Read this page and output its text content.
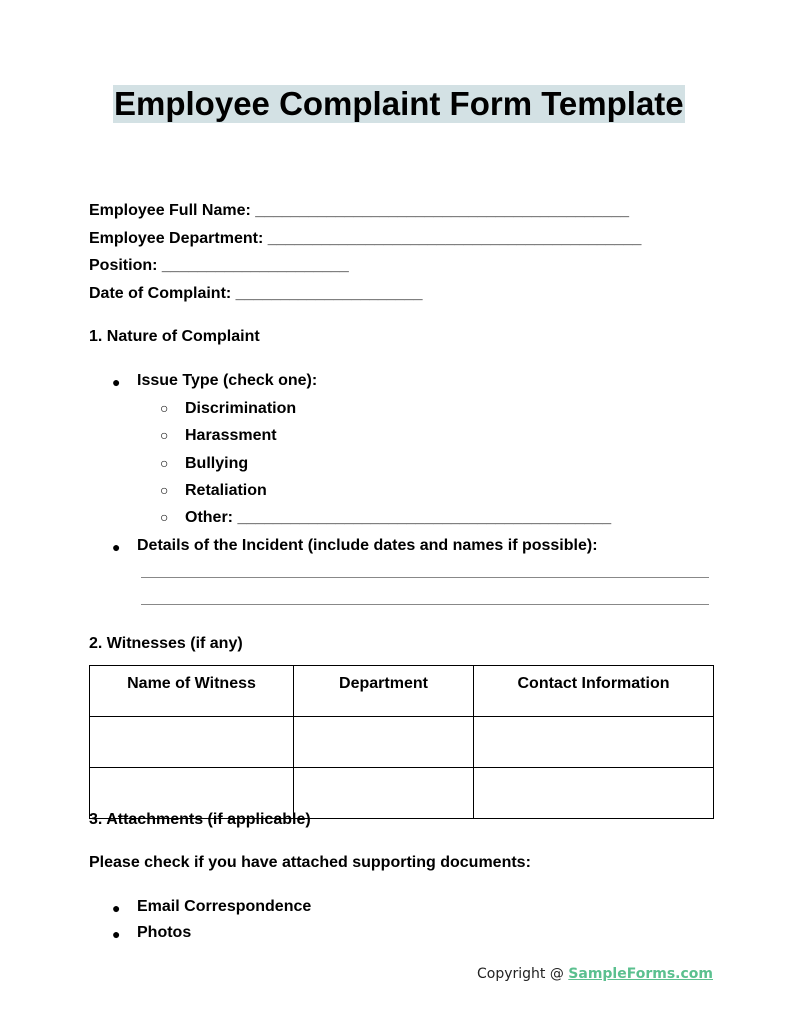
Employee Complaint Form Template
Employee Full Name: __________________________________________
Employee Department: __________________________________________
Position: _____________________
Date of Complaint: _____________________
1. Nature of Complaint
● Issue Type (check one):
○ Discrimination
○ Harassment
○ Bullying
○ Retaliation
○ Other: __________________________________________
● Details of the Incident (include dates and names if possible):
2. Witnesses (if any)
Name of Witness	Department	Contact Information

3. Attachments (if applicable)
Please check if you have attached supporting documents:
● Email Correspondence
● Photos
Copyright @ SampleForms.com
